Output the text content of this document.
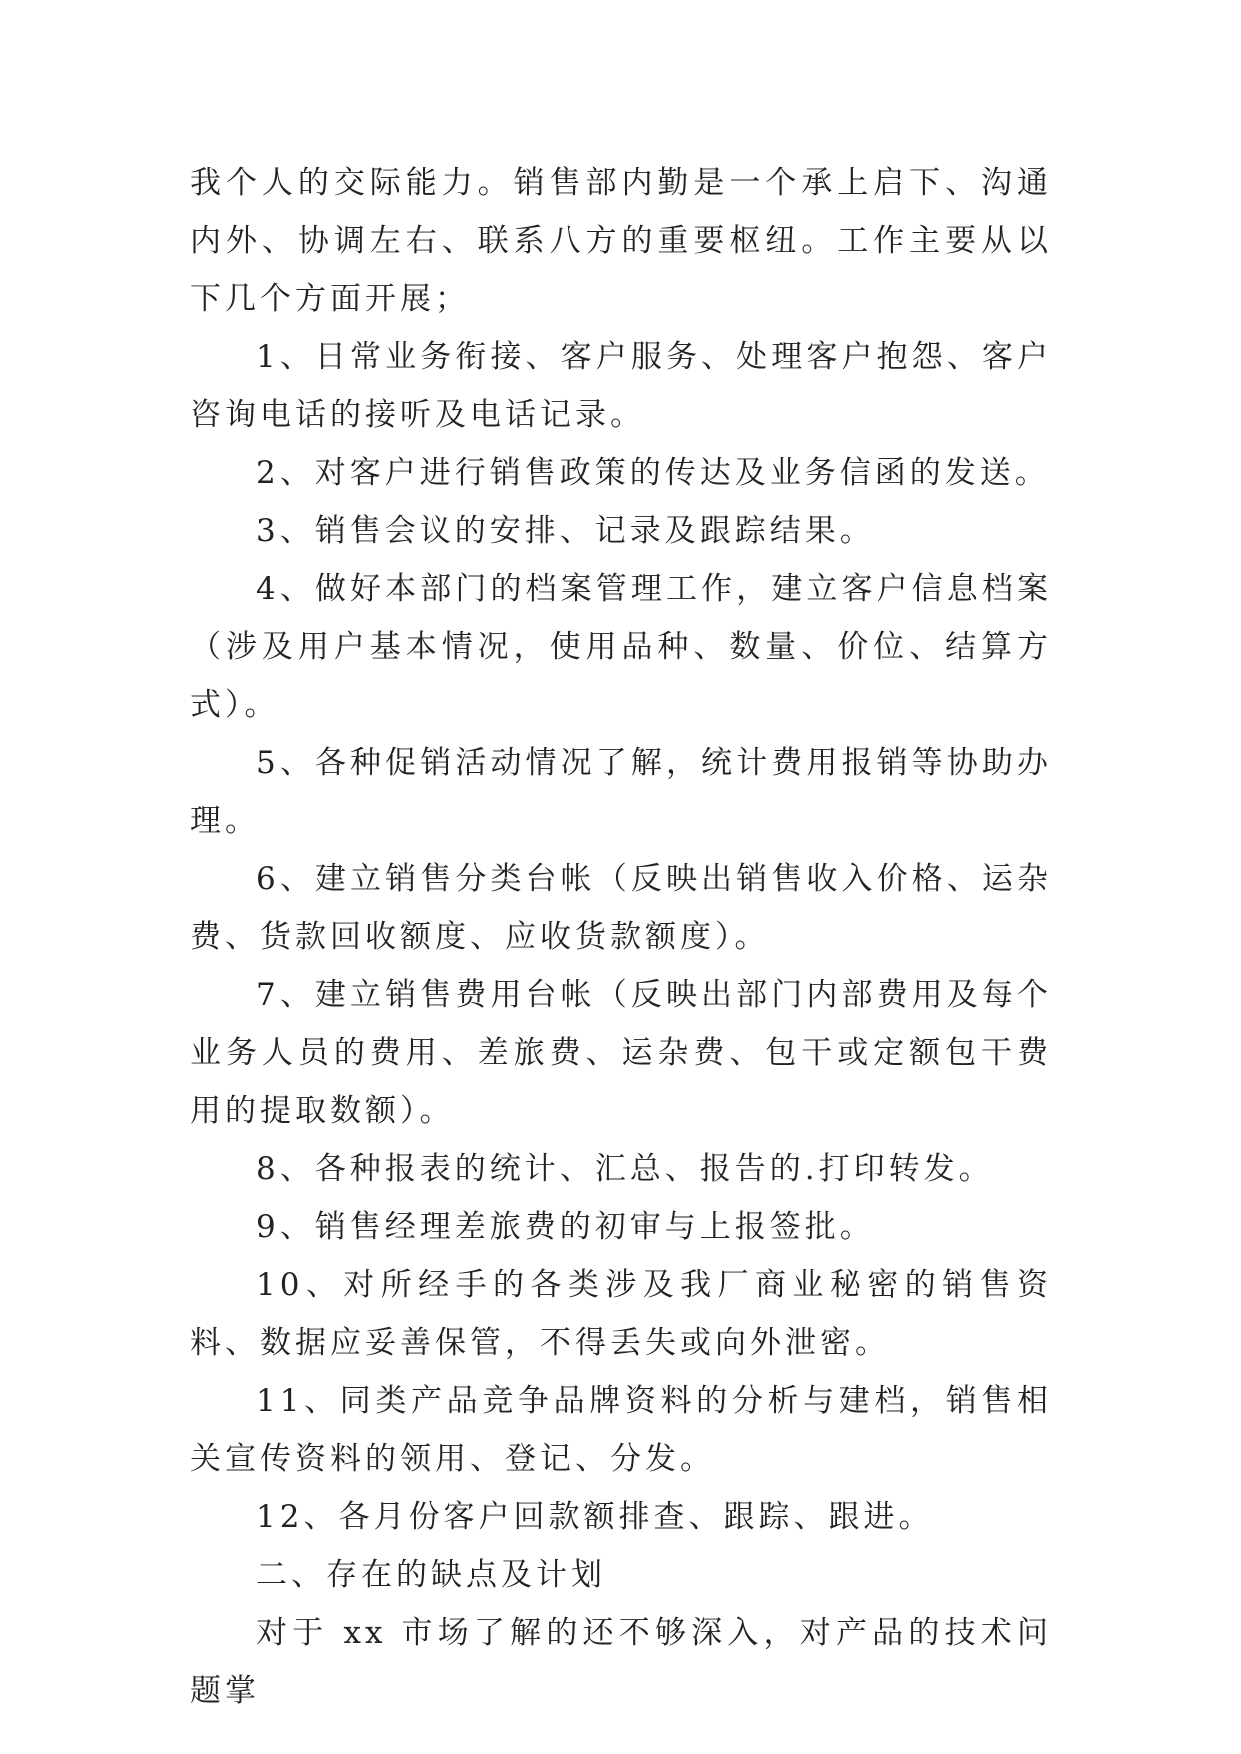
我个人的交际能力。销售部内勤是一个承上启下、沟通内外、协调左右、联系八方的重要枢纽。工作主要从以下几个方面开展；

1、日常业务衔接、客户服务、处理客户抱怨、客户咨询电话的接听及电话记录。

2、对客户进行销售政策的传达及业务信函的发送。

3、销售会议的安排、记录及跟踪结果。

4、做好本部门的档案管理工作，建立客户信息档案（涉及用户基本情况，使用品种、数量、价位、结算方式）。

5、各种促销活动情况了解，统计费用报销等协助办理。

6、建立销售分类台帐（反映出销售收入价格、运杂费、货款回收额度、应收货款额度）。

7、建立销售费用台帐（反映出部门内部费用及每个业务人员的费用、差旅费、运杂费、包干或定额包干费用的提取数额）。

8、各种报表的统计、汇总、报告的.打印转发。

9、销售经理差旅费的初审与上报签批。

10、对所经手的各类涉及我厂商业秘密的销售资料、数据应妥善保管，不得丢失或向外泄密。

11、同类产品竞争品牌资料的分析与建档，销售相关宣传资料的领用、登记、分发。

12、各月份客户回款额排查、跟踪、跟进。

二、存在的缺点及计划

对于 xx 市场了解的还不够深入，对产品的技术问题掌
